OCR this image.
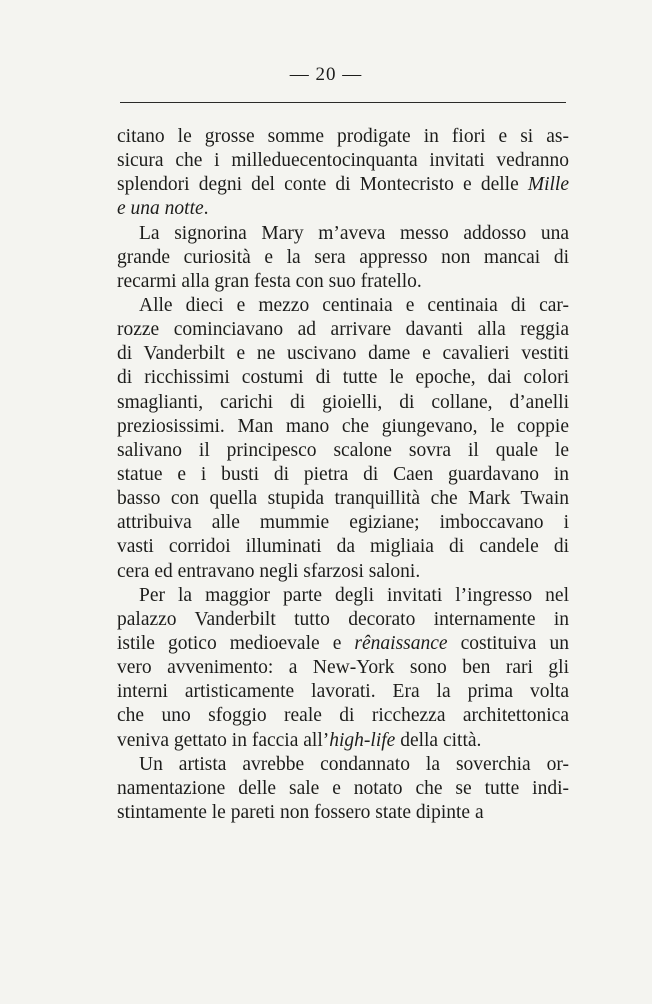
— 20 —
citano le grosse somme prodigate in fiori e si as-
sicura che i milleduecentocinquanta invitati vedranno
splendori degni del conte di Montecristo e delle Mille
e una notte.
La signorina Mary m’aveva messo addosso una
grande curiosità e la sera appresso non mancai di
recarmi alla gran festa con suo fratello.
Alle dieci e mezzo centinaia e centinaia di car-
rozze cominciavano ad arrivare davanti alla reggia
di Vanderbilt e ne uscivano dame e cavalieri vestiti
di ricchissimi costumi di tutte le epoche, dai colori
smaglianti, carichi di gioielli, di collane, d’anelli
preziosissimi. Man mano che giungevano, le coppie
salivano il principesco scalone sovra il quale le
statue e i busti di pietra di Caen guardavano in
basso con quella stupida tranquillità che Mark Twain
attribuiva alle mummie egiziane; imboccavano i
vasti corridoi illuminati da migliaia di candele di
cera ed entravano negli sfarzosi saloni.
Per la maggior parte degli invitati l’ingresso nel
palazzo Vanderbilt tutto decorato internamente in
istile gotico medioevale e rênaissance costituiva un
vero avvenimento: a New-York sono ben rari gli
interni artisticamente lavorati. Era la prima volta
che uno sfoggio reale di ricchezza architettonica
veniva gettato in faccia all’high-life della città.
Un artista avrebbe condannato la soverchia or-
namentazione delle sale e notato che se tutte indi-
stintamente le pareti non fossero state dipinte a
